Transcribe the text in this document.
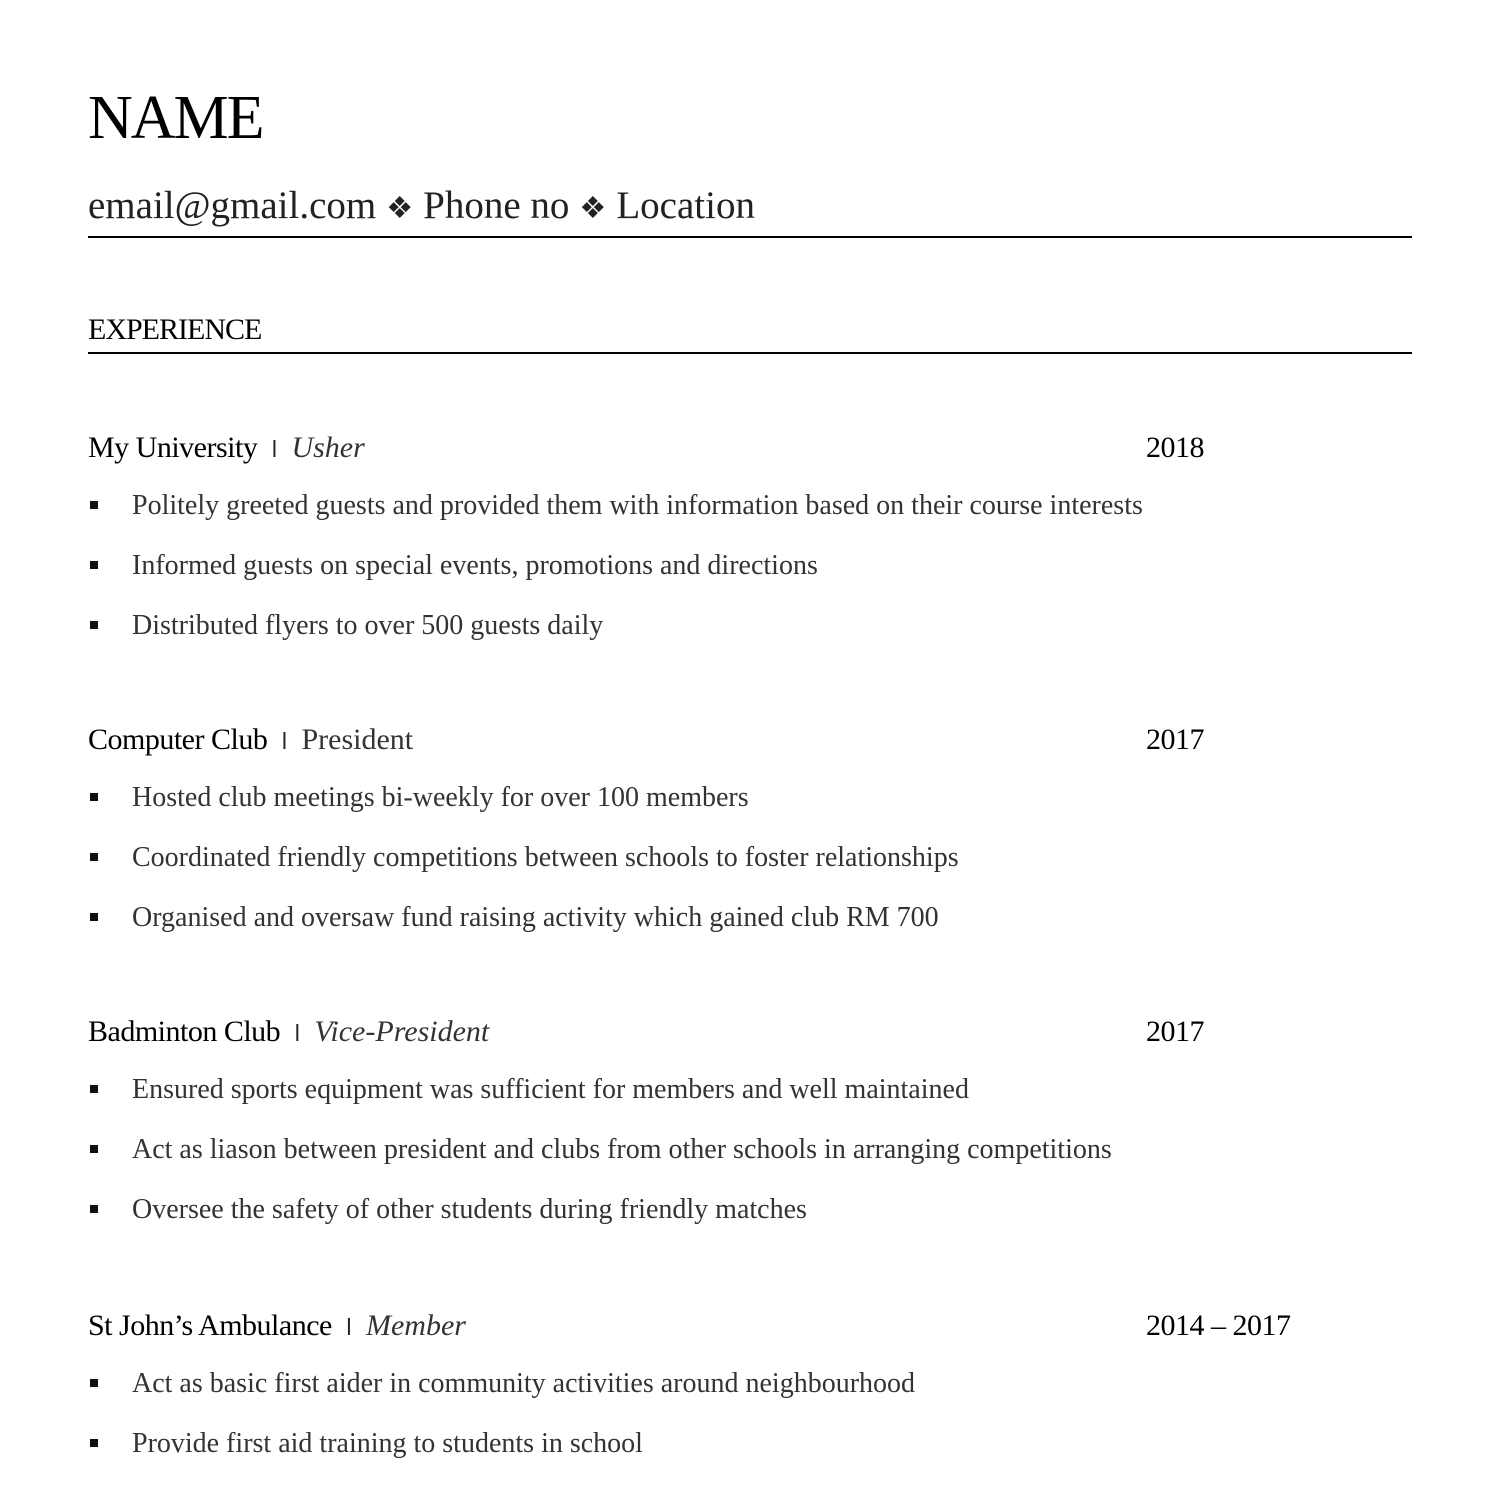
NAME
email@gmail.com ❖ Phone no ❖ Location
EXPERIENCE
My University l Usher	2018
Politely greeted guests and provided them with information based on their course interests
Informed guests on special events, promotions and directions
Distributed flyers to over 500 guests daily
Computer Club l President	2017
Hosted club meetings bi-weekly for over 100 members
Coordinated friendly competitions between schools to foster relationships
Organised and oversaw fund raising activity which gained club RM 700
Badminton Club l Vice-President	2017
Ensured sports equipment was sufficient for members and well maintained
Act as liason between president and clubs from other schools in arranging competitions
Oversee the safety of other students during friendly matches
St John’s Ambulance l Member	2014 – 2017
Act as basic first aider in community activities around neighbourhood
Provide first aid training to students in school
